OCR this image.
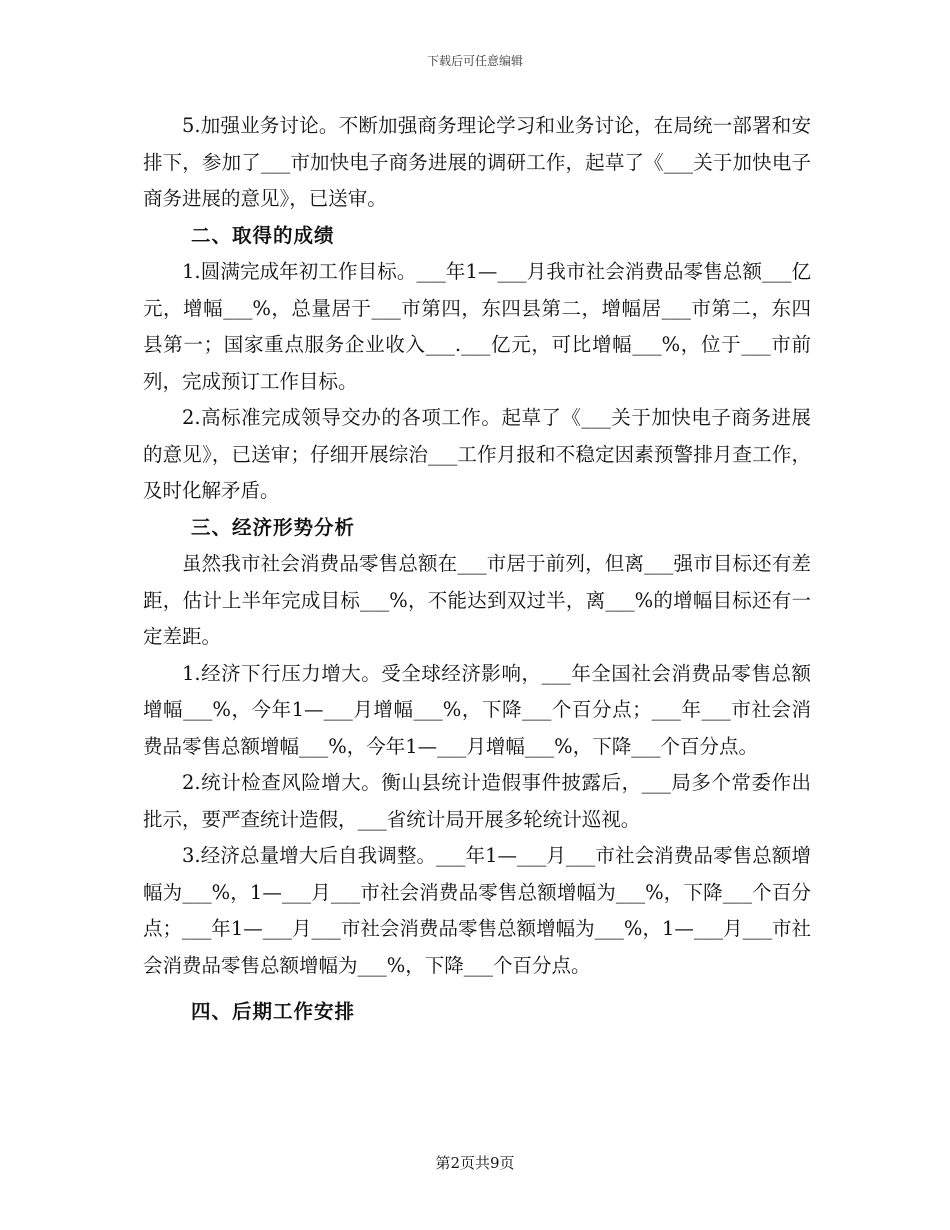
下载后可任意编辑

5.加强业务讨论。不断加强商务理论学习和业务讨论，在局统一部署和安排下，参加了___市加快电子商务进展的调研工作，起草了《___关于加快电子商务进展的意见》，已送审。

二、取得的成绩

1.圆满完成年初工作目标。___年1—___月我市社会消费品零售总额___亿元，增幅___%，总量居于___市第四，东四县第二，增幅居___市第二，东四县第一；国家重点服务企业收入___.___亿元，可比增幅___%，位于___市前列，完成预订工作目标。

2.高标准完成领导交办的各项工作。起草了《___关于加快电子商务进展的意见》，已送审；仔细开展综治___工作月报和不稳定因素预警排月查工作，及时化解矛盾。

三、经济形势分析

虽然我市社会消费品零售总额在___市居于前列，但离___强市目标还有差距，估计上半年完成目标___%，不能达到双过半，离___%的增幅目标还有一定差距。

1.经济下行压力增大。受全球经济影响，___年全国社会消费品零售总额增幅___%，今年1—___月增幅___%，下降___个百分点；___年___市社会消费品零售总额增幅___%，今年1—___月增幅___%，下降___个百分点。

2.统计检查风险增大。衡山县统计造假事件披露后，___局多个常委作出批示，要严查统计造假，___省统计局开展多轮统计巡视。

3.经济总量增大后自我调整。___年1—___月___市社会消费品零售总额增幅为___%，1—___月___市社会消费品零售总额增幅为___%，下降___个百分点；___年1—___月___市社会消费品零售总额增幅为___%，1—___月___市社会消费品零售总额增幅为___%，下降___个百分点。

四、后期工作安排

第2页共9页
